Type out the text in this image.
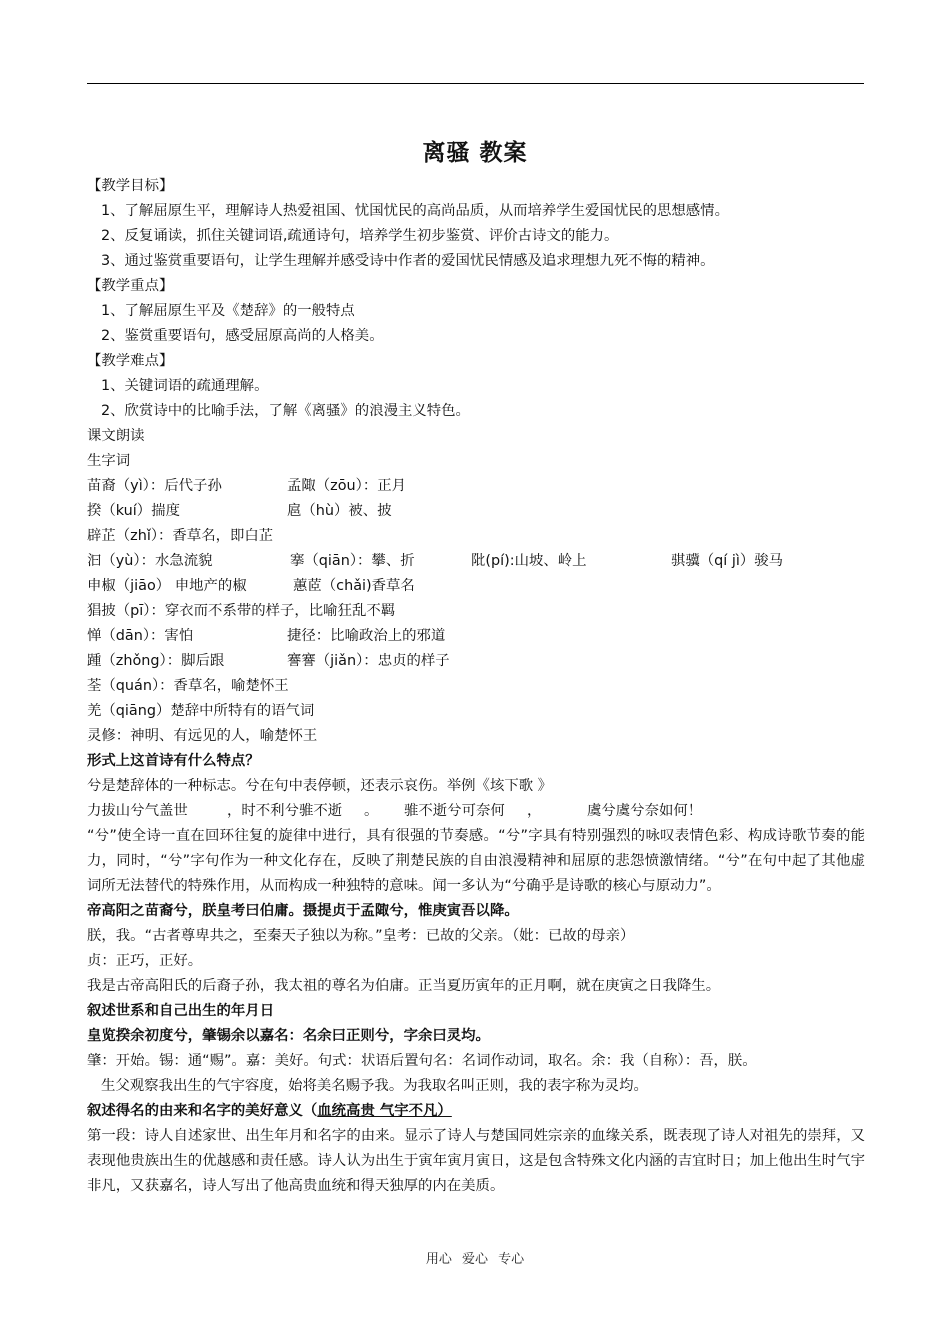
离骚 教案
【教学目标】
1、了解屈原生平，理解诗人热爱祖国、忧国忧民的高尚品质，从而培养学生爱国忧民的思想感情。
2、反复诵读，抓住关键词语,疏通诗句，培养学生初步鉴赏、评价古诗文的能力。
3、通过鉴赏重要语句，让学生理解并感受诗中作者的爱国忧民情感及追求理想九死不悔的精神。
【教学重点】
1、了解屈原生平及《楚辞》的一般特点
2、鉴赏重要语句，感受屈原高尚的人格美。
【教学难点】
1、关键词语的疏通理解。
2、欣赏诗中的比喻手法，了解《离骚》的浪漫主义特色。
课文朗读
生字词
苗裔（yì）：后代子孙	孟陬（zōu）：正月
揆（kuí）揣度	扈（hù）被、披
辟芷（zhǐ）：香草名，即白芷
汩（yù）：水急流貌	搴（qiān）：攀、折	阰(pí):山坡、岭上	骐骥（qí jì）骏马
申椒（jiāo） 申地产的椒	蕙茝（chǎi)香草名
猖披（pī）：穿衣而不系带的样子，比喻狂乱不羁
惮（dān）：害怕	捷径：比喻政治上的邪道
踵（zhǒng）：脚后跟	謇謇（jiǎn）：忠贞的样子
荃（quán）：香草名，喻楚怀王
羌（qiāng）楚辞中所特有的语气词
灵修：神明、有远见的人，喻楚怀王
形式上这首诗有什么特点？
兮是楚辞体的一种标志。兮在句中表停顿，还表示哀伤。举例《垓下歌 》
力拔山兮气盖世	，时不利兮骓不逝 。 骓不逝兮可奈何 ，	虞兮虞兮奈如何！
“兮”使全诗一直在回环往复的旋律中进行，具有很强的节奏感。“兮”字具有特别强烈的咏叹表情色彩、构成诗歌节奏的能力，同时，“兮”字句作为一种文化存在，反映了荆楚民族的自由浪漫精神和屈原的悲怨愤激情绪。“兮”在句中起了其他虚词所无法替代的特殊作用，从而构成一种独特的意味。闻一多认为“兮确乎是诗歌的核心与原动力”。
帝高阳之苗裔兮，朕皇考曰伯庸。摄提贞于孟陬兮，惟庚寅吾以降。
朕，我。“古者尊卑共之，至秦天子独以为称。”皇考：已故的父亲。（妣：已故的母亲）
贞：正巧，正好。
我是古帝高阳氏的后裔子孙，我太祖的尊名为伯庸。正当夏历寅年的正月啊，就在庚寅之日我降生。
叙述世系和自己出生的年月日
皇览揆余初度兮，肇锡余以嘉名：名余曰正则兮，字余曰灵均。
肇：开始。锡：通“赐”。嘉：美好。句式：状语后置句名：名词作动词，取名。余：我（自称）：吾，朕。
生父观察我出生的气宇容度，始将美名赐予我。为我取名叫正则，我的表字称为灵均。
叙述得名的由来和名字的美好意义（血统高贵 气宇不凡）
第一段：诗人自述家世、出生年月和名字的由来。显示了诗人与楚国同姓宗亲的血缘关系，既表现了诗人对祖先的崇拜，又表现他贵族出生的优越感和责任感。诗人认为出生于寅年寅月寅日，这是包含特殊文化内涵的吉宜时日；加上他出生时气宇非凡，又获嘉名，诗人写出了他高贵血统和得天独厚的内在美质。
用心 爱心 专心
